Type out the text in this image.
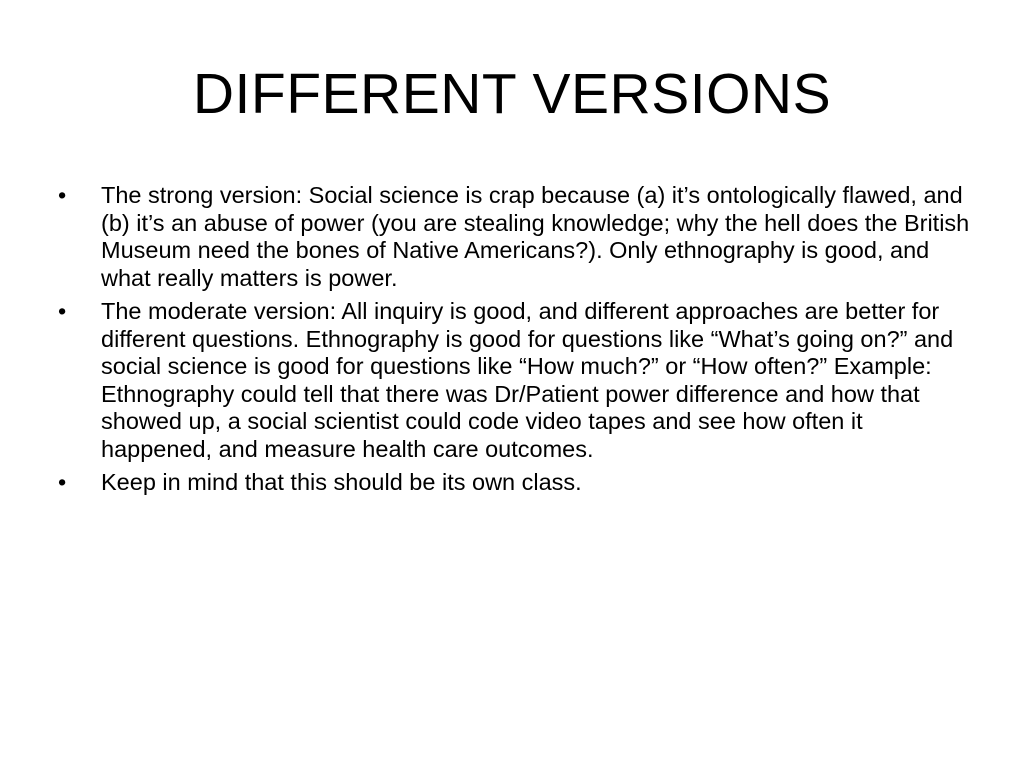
DIFFERENT VERSIONS
•	The strong version: Social science is crap because (a) it’s ontologically flawed, and (b) it’s an abuse of power (you are stealing knowledge; why the hell does the British Museum need the bones of Native Americans?). Only ethnography is good, and what really matters is power.
•	The moderate version: All inquiry is good, and different approaches are better for different questions. Ethnography is good for questions like “What’s going on?” and social science is good for questions like “How much?” or “How often?” Example: Ethnography could tell that there was Dr/Patient power difference and how that showed up, a social scientist could code video tapes and see how often it happened, and measure health care outcomes.
•	Keep in mind that this should be its own class.
